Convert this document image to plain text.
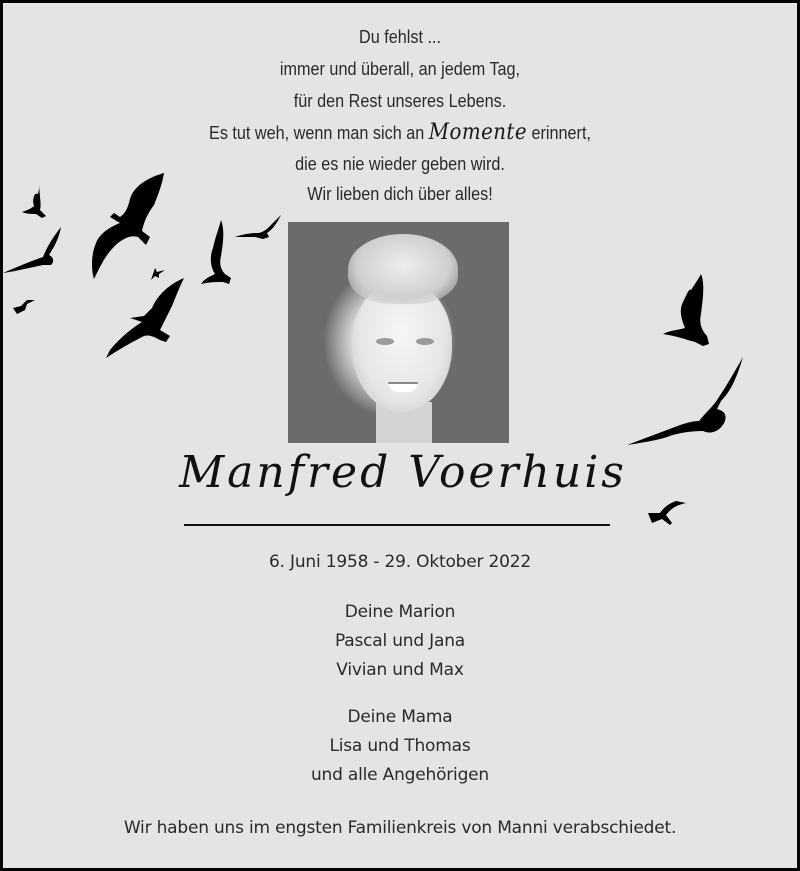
Du fehlst ...
immer und überall, an jedem Tag,
für den Rest unseres Lebens.
Es tut weh, wenn man sich an Momente erinnert,
die es nie wieder geben wird.
Wir lieben dich über alles!
Manfred Voerhuis
6. Juni 1958 - 29. Oktober 2022
Deine Marion
Pascal und Jana
Vivian und Max
Deine Mama
Lisa und Thomas
und alle Angehörigen
Wir haben uns im engsten Familienkreis von Manni verabschiedet.
